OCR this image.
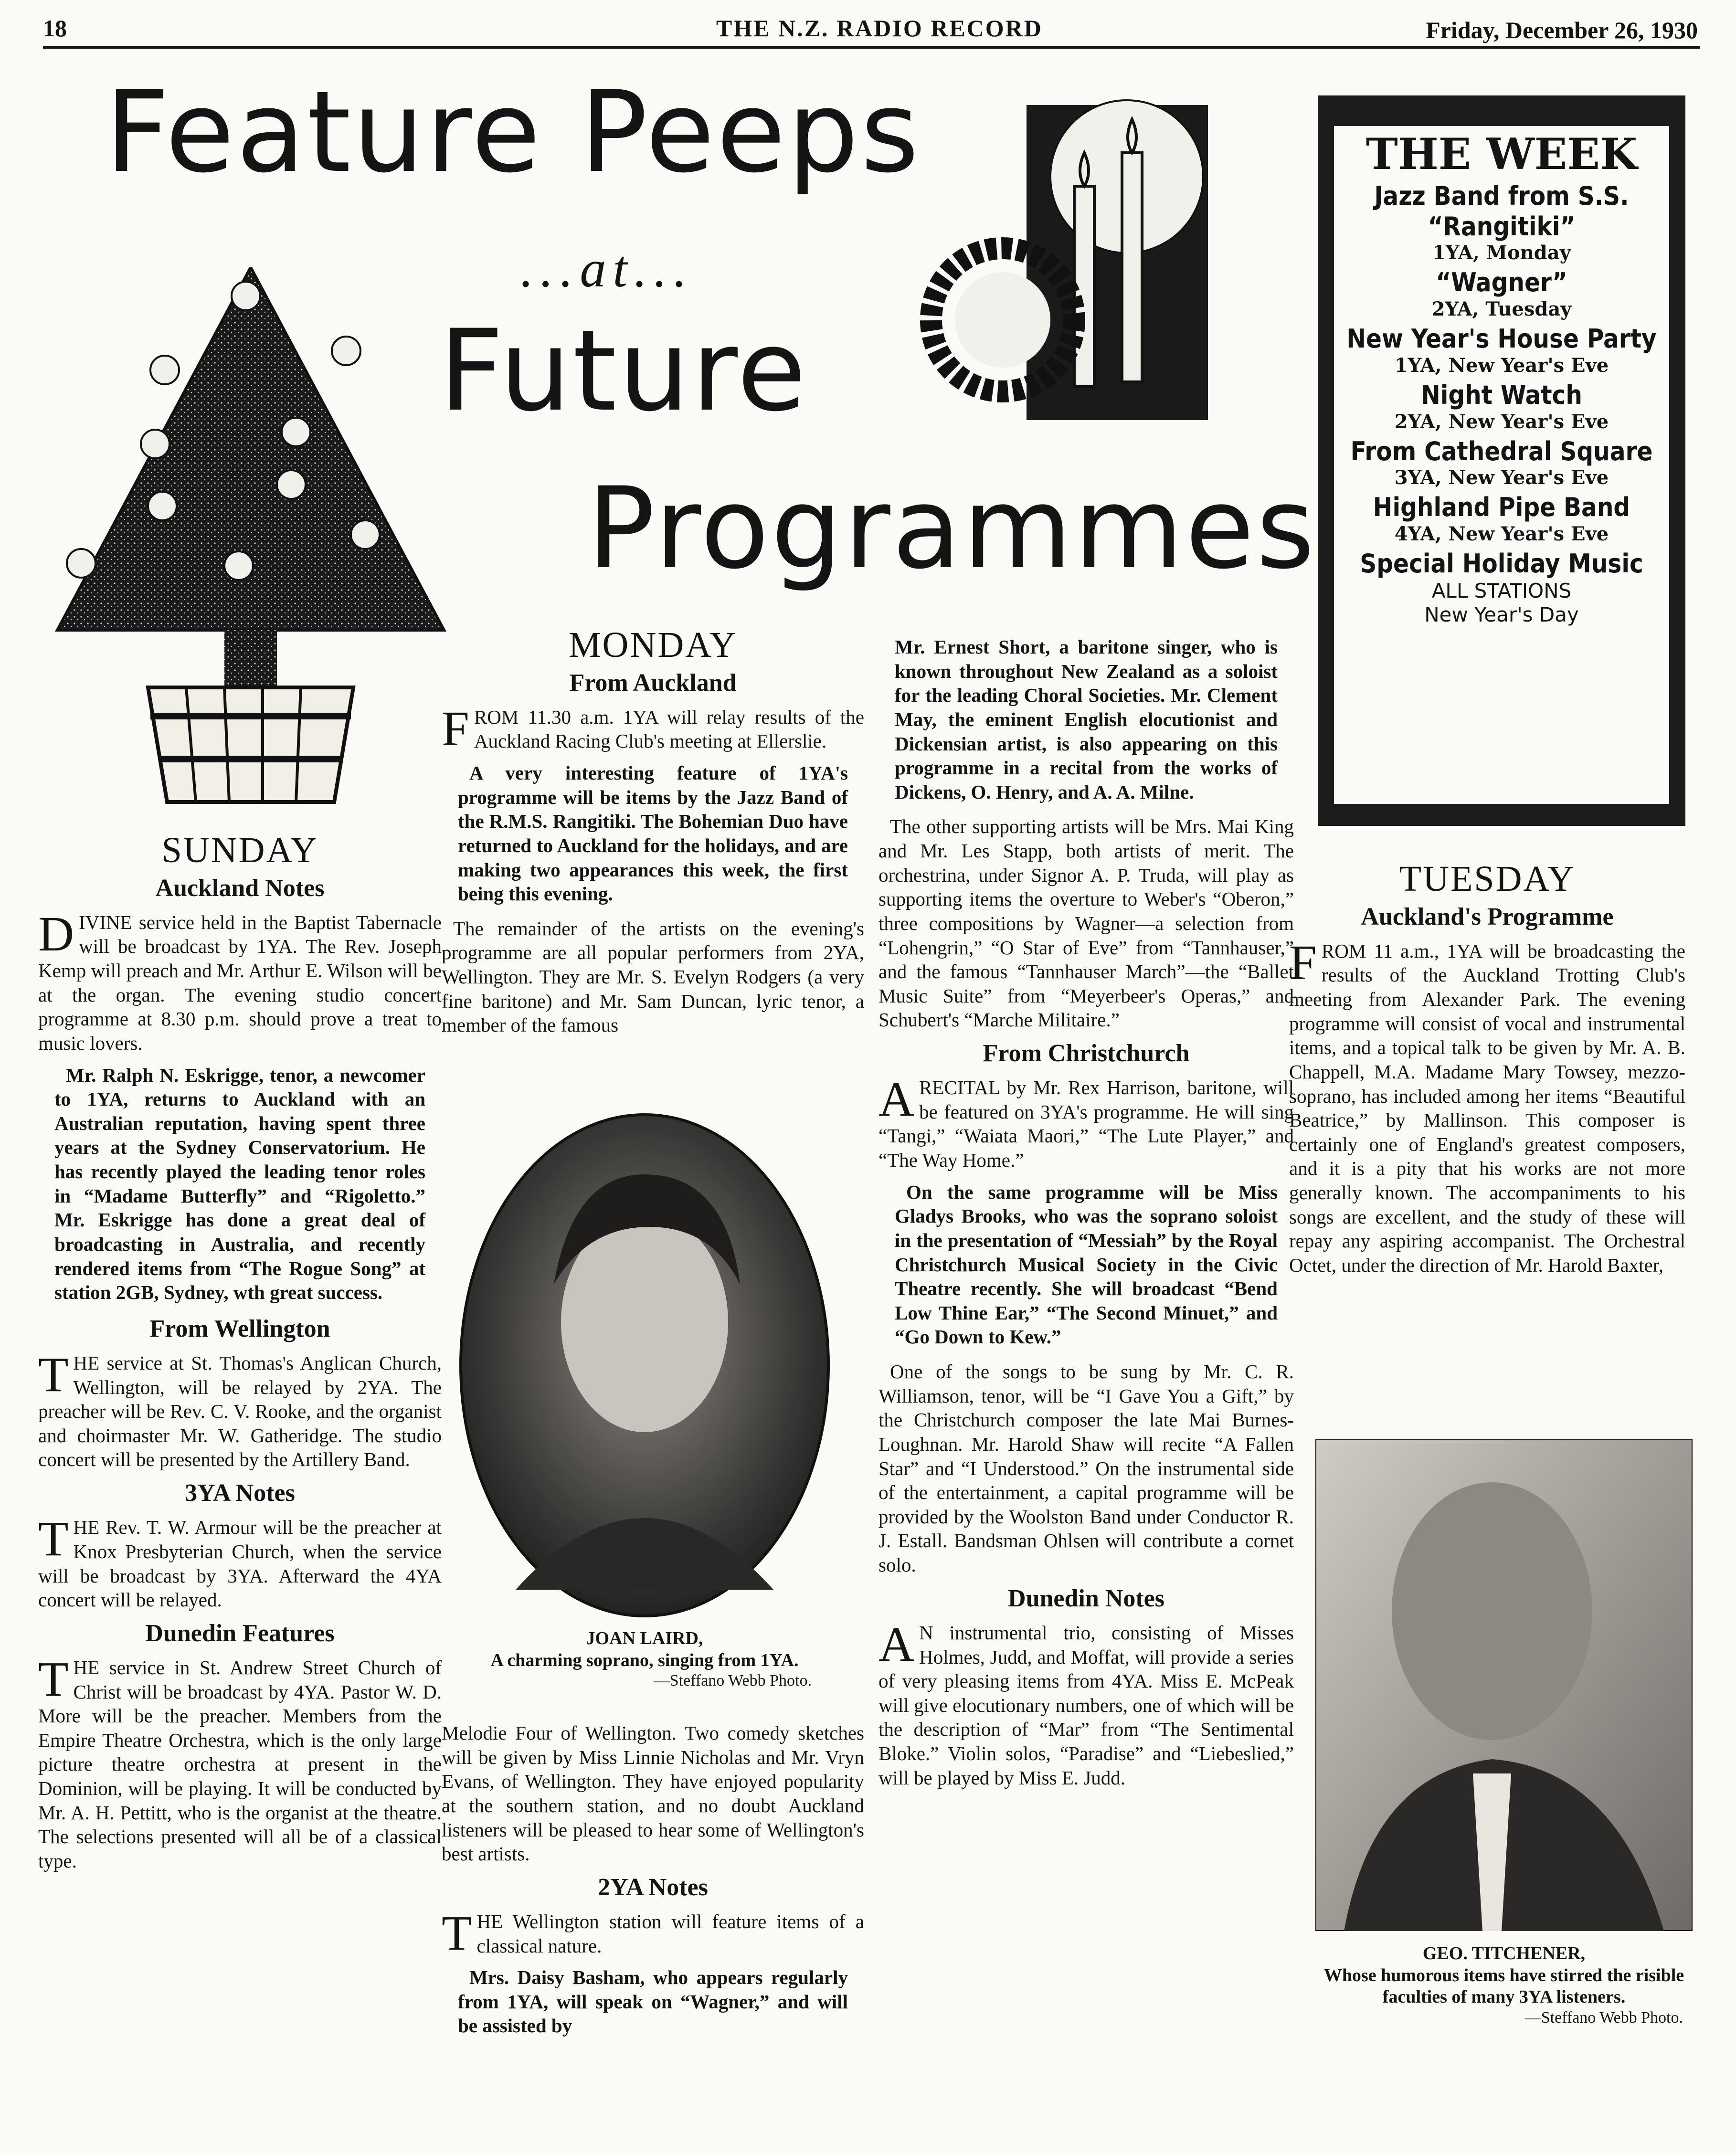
18	THE N.Z. RADIO RECORD	Friday, December 26, 1930
Feature Peeps
...at...
Future
Programmes
THE WEEK
Jazz Band from S.S. “Rangitiki”
1YA, Monday
“Wagner”
2YA, Tuesday
New Year's House Party
1YA, New Year's Eve
Night Watch
2YA, New Year's Eve
From Cathedral Square
3YA, New Year's Eve
Highland Pipe Band
4YA, New Year's Eve
Special Holiday Music
ALL STATIONS
New Year's Day
SUNDAY
Auckland Notes

DIVINE service held in the Baptist Tabernacle will be broadcast by 1YA. The Rev. Joseph Kemp will preach and Mr. Arthur E. Wilson will be at the organ. The evening studio concert programme at 8.30 p.m. should prove a treat to music lovers.

Mr. Ralph N. Eskrigge, tenor, a newcomer to 1YA, returns to Auckland with an Australian reputation, having spent three years at the Sydney Conservatorium. He has recently played the leading tenor roles in “Madame Butterfly” and “Rigoletto.” Mr. Eskrigge has done a great deal of broadcasting in Australia, and recently rendered items from “The Rogue Song” at station 2GB, Sydney, wth great success.

From Wellington

THE service at St. Thomas's Anglican Church, Wellington, will be relayed by 2YA. The preacher will be Rev. C. V. Rooke, and the organist and choirmaster Mr. W. Gatheridge. The studio concert will be presented by the Artillery Band.

3YA Notes

THE Rev. T. W. Armour will be the preacher at Knox Presbyterian Church, when the service will be broadcast by 3YA. Afterward the 4YA concert will be relayed.

Dunedin Features

THE service in St. Andrew Street Church of Christ will be broadcast by 4YA. Pastor W. D. More will be the preacher. Members from the Empire Theatre Orchestra, which is the only large picture theatre orchestra at present in the Dominion, will be playing. It will be conducted by Mr. A. H. Pettitt, who is the organist at the theatre. The selections presented will all be of a classical type.

MONDAY
From Auckland

FROM 11.30 a.m. 1YA will relay results of the Auckland Racing Club's meeting at Ellerslie.

A very interesting feature of 1YA's programme will be items by the Jazz Band of the R.M.S. Rangitiki. The Bohemian Duo have returned to Auckland for the holidays, and are making two appearances this week, the first being this evening.

The remainder of the artists on the evening's programme are all popular performers from 2YA, Wellington. They are Mr. S. Evelyn Rodgers (a very fine baritone) and Mr. Sam Duncan, lyric tenor, a member of the famous

JOAN LAIRD,
A charming soprano, singing from 1YA.
—Steffano Webb Photo.

Melodie Four of Wellington. Two comedy sketches will be given by Miss Linnie Nicholas and Mr. Vryn Evans, of Wellington. They have enjoyed popularity at the southern station, and no doubt Auckland listeners will be pleased to hear some of Wellington's best artists.

2YA Notes

THE Wellington station will feature items of a classical nature.

Mrs. Daisy Basham, who appears regularly from 1YA, will speak on “Wagner,” and will be assisted by

Mr. Ernest Short, a baritone singer, who is known throughout New Zealand as a soloist for the leading Choral Societies. Mr. Clement May, the eminent English elocutionist and Dickensian artist, is also appearing on this programme in a recital from the works of Dickens, O. Henry, and A. A. Milne.

The other supporting artists will be Mrs. Mai King and Mr. Les Stapp, both artists of merit. The orchestrina, under Signor A. P. Truda, will play as supporting items the overture to Weber's “Oberon,” three compositions by Wagner—a selection from “Lohengrin,” “O Star of Eve” from “Tannhauser,” and the famous “Tannhauser March”—the “Ballet Music Suite” from “Meyerbeer's Operas,” and Schubert's “Marche Militaire.”

From Christchurch

ARECITAL by Mr. Rex Harrison, baritone, will be featured on 3YA's programme. He will sing “Tangi,” “Waiata Maori,” “The Lute Player,” and “The Way Home.”

On the same programme will be Miss Gladys Brooks, who was the soprano soloist in the presentation of “Messiah” by the Royal Christchurch Musical Society in the Civic Theatre recently. She will broadcast “Bend Low Thine Ear,” “The Second Minuet,” and “Go Down to Kew.”

One of the songs to be sung by Mr. C. R. Williamson, tenor, will be “I Gave You a Gift,” by the Christchurch composer the late Mai Burnes-Loughnan. Mr. Harold Shaw will recite “A Fallen Star” and “I Understood.” On the instrumental side of the entertainment, a capital programme will be provided by the Woolston Band under Conductor R. J. Estall. Bandsman Ohlsen will contribute a cornet solo.

Dunedin Notes

A N instrumental trio, consisting of Misses Holmes, Judd, and Moffat, will provide a series of very pleasing items from 4YA. Miss E. McPeak will give elocutionary numbers, one of which will be the description of “Mar” from “The Sentimental Bloke.” Violin solos, “Paradise” and “Liebeslied,” will be played by Miss E. Judd.

TUESDAY
Auckland's Programme

FROM 11 a.m., 1YA will be broadcasting the results of the Auckland Trotting Club's meeting from Alexander Park. The evening programme will consist of vocal and instrumental items, and a topical talk to be given by Mr. A. B. Chappell, M.A. Madame Mary Towsey, mezzo-soprano, has included among her items “Beautiful Beatrice,” by Mallinson. This composer is certainly one of England's greatest composers, and it is a pity that his works are not more generally known. The accompaniments to his songs are excellent, and the study of these will repay any aspiring accompanist. The Orchestral Octet, under the direction of Mr. Harold Baxter,

GEO. TITCHENER,
Whose humorous items have stirred the risible faculties of many 3YA listeners.
—Steffano Webb Photo.
